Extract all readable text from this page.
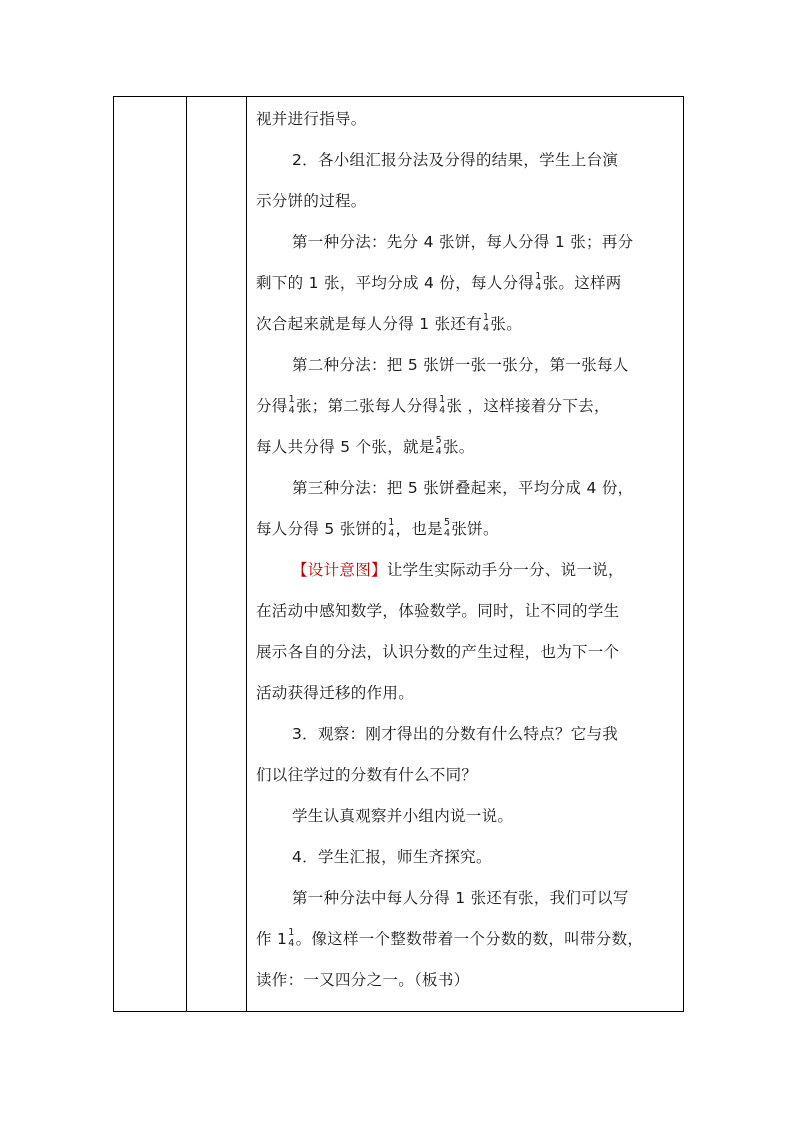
视并进行指导。
2．各小组汇报分法及分得的结果，学生上台演
示分饼的过程。
第一种分法：先分 4 张饼，每人分得 1 张；再分
剩下的 1 张，平均分成 4 份，每人分得 1
4 张。这样两
次合起来就是每人分得 1 张还有 1
4 张。
第二种分法：把 5 张饼一张一张分，第一张每人
分得 1
4 张；第二张每人分得 1
4 张 ，这样接着分下去，
每人共分得 5 个张，就是 5
4 张。
第三种分法：把 5 张饼叠起来，平均分成 4 份，
每人分得 5 张饼的 1
4 ，也是 5
4 张饼。
【设计意图】让学生实际动手分一分、说一说，
在活动中感知数学，体验数学。同时，让不同的学生
展示各自的分法，认识分数的产生过程，也为下一个
活动获得迁移的作用。
3．观察：刚才得出的分数有什么特点？它与我
们以往学过的分数有什么不同？
学生认真观察并小组内说一说。
4．学生汇报，师生齐探究。
第一种分法中每人分得 1 张还有张，我们可以写
作 1 1
4 。像这样一个整数带着一个分数的数，叫带分数，
读作：一又四分之一。（板书）
